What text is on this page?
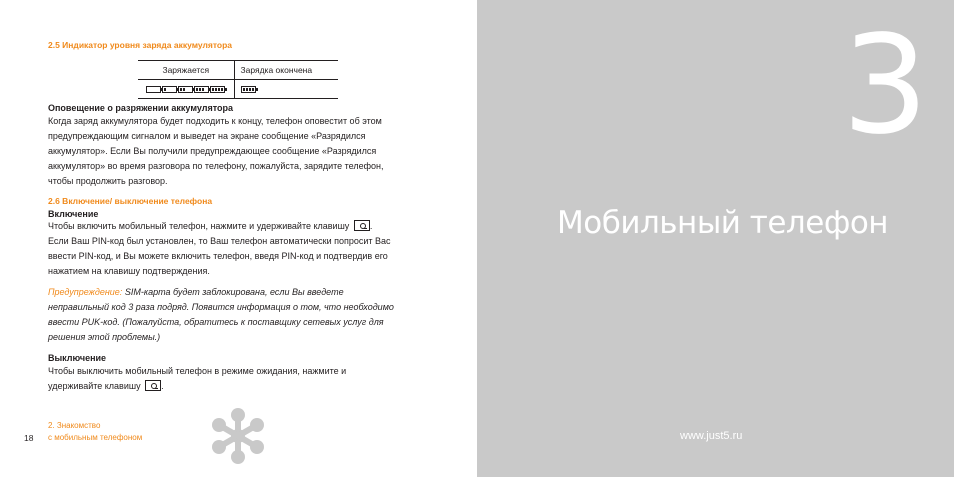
2.5 Индикатор уровня заряда аккумулятора
Заряжается	Зарядка окончена

Оповещение о разряжении аккумулятора
Когда заряд аккумулятора будет подходить к концу, телефон оповестит об этом
предупреждающим сигналом и выведет на экране сообщение «Разрядился
аккумулятор». Если Вы получили предупреждающее сообщение «Разрядился
аккумулятор» во время разговора по телефону, пожалуйста, зарядите телефон,
чтобы продолжить разговор.
2.6 Включение/ выключение телефона
Включение
Чтобы включить мобильный телефон, нажмите и удерживайте клавишу .
Если Ваш PIN-код был установлен, то Ваш телефон автоматически попросит Вас
ввести PIN-код, и Вы можете включить телефон, введя PIN-код и подтвердив его
нажатием на клавишу подтверждения.
Предупреждение: SIM-карта будет заблокирована, если Вы введете
неправильный код 3 раза подряд. Появится информация о том, что необходимо
ввести PUK-код. (Пожалуйста, обратитесь к поставщику сетевых услуг для
решения этой проблемы.)
Выключение
Чтобы выключить мобильный телефон в режиме ожидания, нажмите и
удерживайте клавишу .
18
2. Знакомство
с мобильным телефоном
3
Мобильный телефон
www.just5.ru
